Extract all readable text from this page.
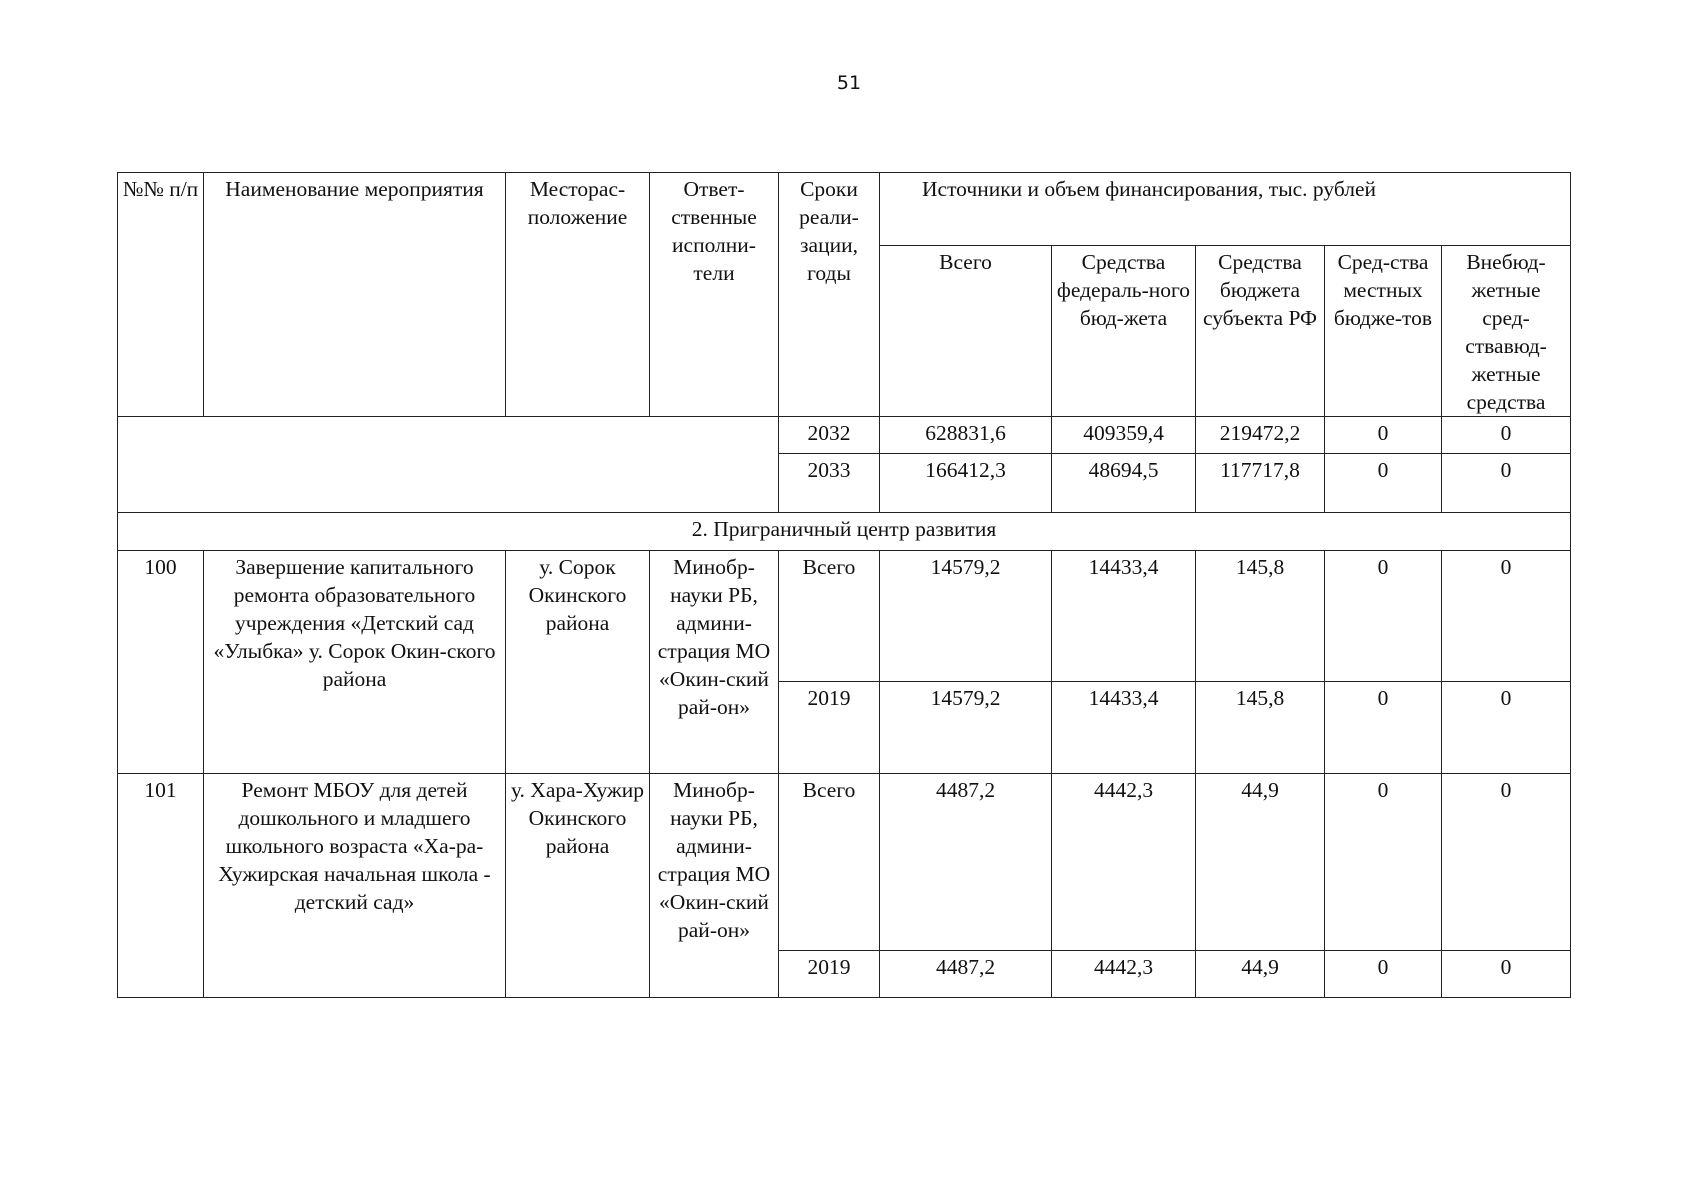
51
№№ п/п	Наименование мероприятия	Месторас-положение	Ответ-ственные исполни-тели	Сроки реали-зации, годы	Источники и объем финансирования, тыс. рублей				
					Всего	Средства федераль-ного бюд-жета	Средства бюджета субъекта РФ	Сред-ства местных бюдже-тов	Внебюд-жетные сред-ствавюд-жетные средства
				2032	628831,6	409359,4	219472,2	0	0
				2033	166412,3	48694,5	117717,8	0	0
2. Приграничный центр развития									
100	Завершение капитального ремонта образовательного учреждения «Детский сад «Улыбка» у. Сорок Окин-ского района	у. Сорок Окинского района	Минобр-науки РБ, админи-страция МО «Окин-ский рай-он»	Всего	14579,2	14433,4	145,8	0	0
				2019	14579,2	14433,4	145,8	0	0
101	Ремонт МБОУ для детей дошкольного и младшего школьного возраста «Ха-ра-Хужирская начальная школа - детский сад»	у. Хара-Хужир Окинского района	Минобр-науки РБ, админи-страция МО «Окин-ский рай-он»	Всего	4487,2	4442,3	44,9	0	0
				2019	4487,2	4442,3	44,9	0	0
